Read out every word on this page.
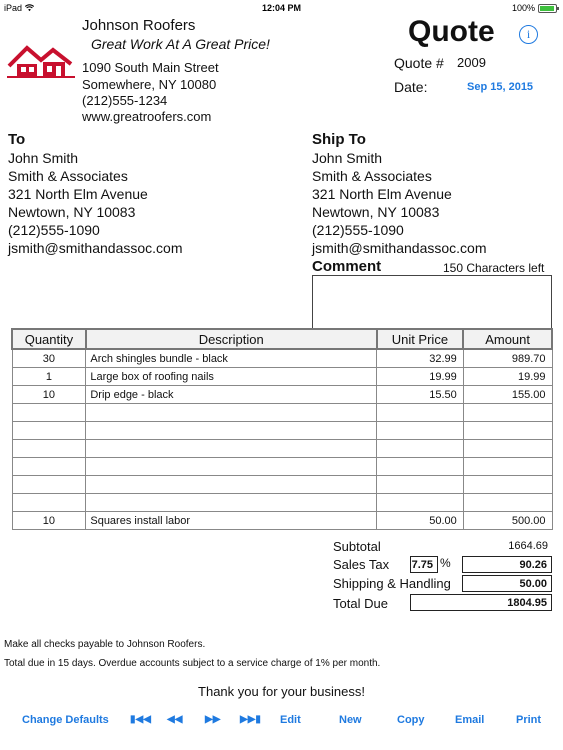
iPad	12:04 PM	100%
Johnson Roofers
Great Work At A Great Price!
1090 South Main Street
Somewhere, NY 10080
(212)555-1234
www.greatroofers.com
Quote	i
Quote # 2009
Date:	Sep 15, 2015
To
John Smith
Smith & Associates
321 North Elm Avenue
Newtown, NY 10083
(212)555-1090
jsmith@smithandassoc.com
Ship To
John Smith
Smith & Associates
321 North Elm Avenue
Newtown, NY 10083
(212)555-1090
jsmith@smithandassoc.com
Comment	150 Characters left
Quantity	Description	Unit Price	Amount
30	Arch shingles bundle - black	32.99	989.70
1	Large box of roofing nails	19.99	19.99
10	Drip edge - black	15.50	155.00

10	Squares install labor	50.00	500.00
Subtotal	1664.69
Sales Tax 7.75 %	90.26
Shipping & Handling	50.00
Total Due	1804.95
Make all checks payable to Johnson Roofers.
Total due in 15 days. Overdue accounts subject to a service charge of 1% per month.
Thank you for your business!
Change Defaults ▮◀◀ ◀◀ ▶▶ ▶▶▮ Edit	New	Copy	Email	Print
